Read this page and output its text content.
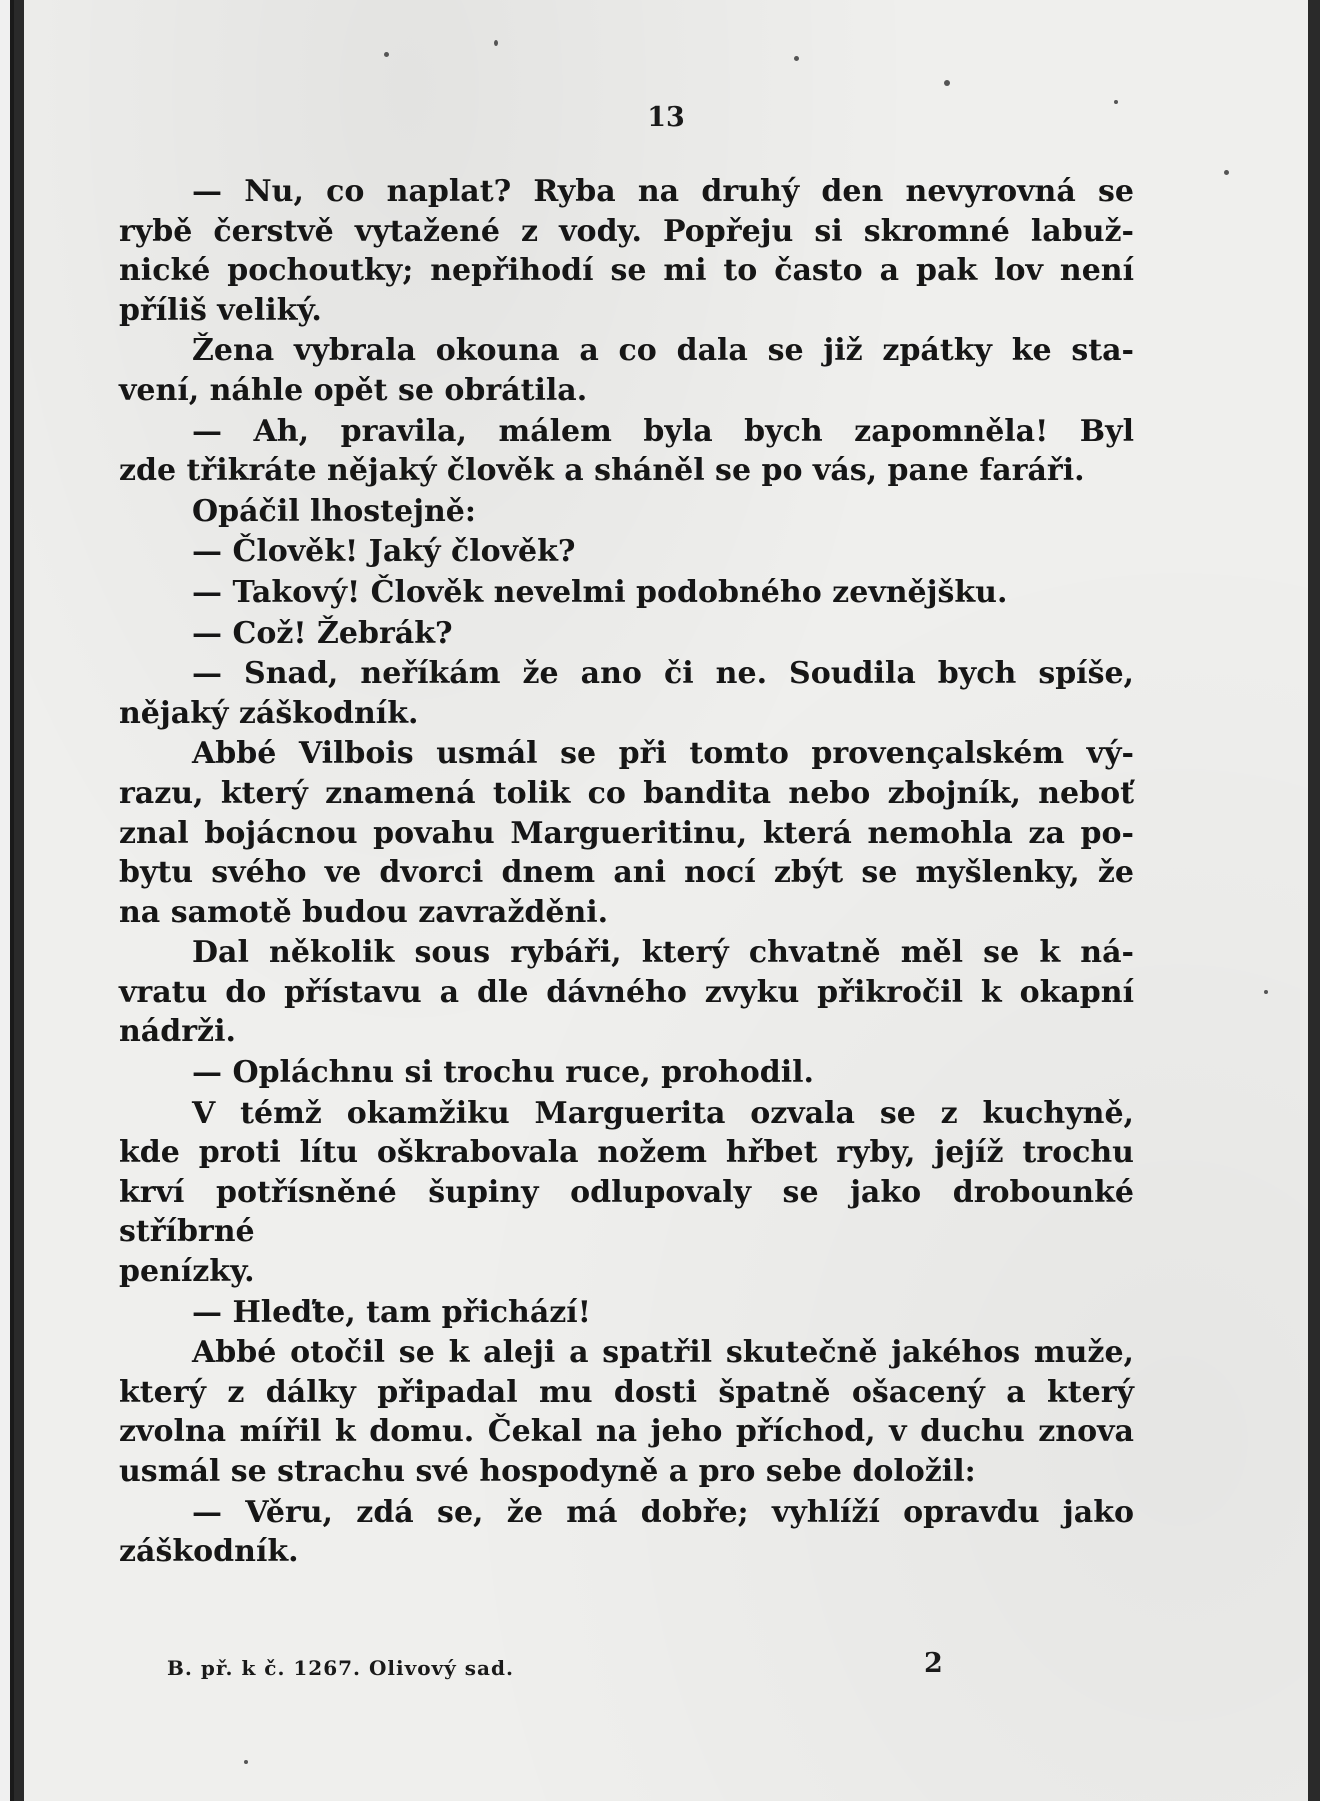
13
— Nu, co naplat? Ryba na druhý den nevyrovná se
rybě čerstvě vytažené z vody. Popřeju si skromné labuž-
nické pochoutky; nepřihodí se mi to často a pak lov není
příliš veliký.
Žena vybrala okouna a co dala se již zpátky ke sta-
vení, náhle opět se obrátila.
— Ah, pravila, málem byla bych zapomněla! Byl
zde třikráte nějaký člověk a sháněl se po vás, pane faráři.
Opáčil lhostejně:
— Člověk! Jaký člověk?
— Takový! Člověk nevelmi podobného zevnějšku.
— Což! Žebrák?
— Snad, neříkám že ano či ne. Soudila bych spíše,
nějaký záškodník.
Abbé Vilbois usmál se při tomto provençalském vý-
razu, který znamená tolik co bandita nebo zbojník, neboť
znal bojácnou povahu Margueritinu, která nemohla za po-
bytu svého ve dvorci dnem ani nocí zbýt se myšlenky, že
na samotě budou zavražděni.
Dal několik sous rybáři, který chvatně měl se k ná-
vratu do přístavu a dle dávného zvyku přikročil k okapní
nádrži.
— Opláchnu si trochu ruce, prohodil.
V témž okamžiku Marguerita ozvala se z kuchyně,
kde proti lítu oškrabovala nožem hřbet ryby, jejíž trochu
krví potřísněné šupiny odlupovaly se jako drobounké stříbrné
penízky.
— Hleďte, tam přichází!
Abbé otočil se k aleji a spatřil skutečně jakéhos muže,
který z dálky připadal mu dosti špatně ošacený a který
zvolna mířil k domu. Čekal na jeho příchod, v duchu znova
usmál se strachu své hospodyně a pro sebe doložil:
— Věru, zdá se, že má dobře; vyhlíží opravdu jako
záškodník.
B. př. k č. 1267. Olivový sad.	2
